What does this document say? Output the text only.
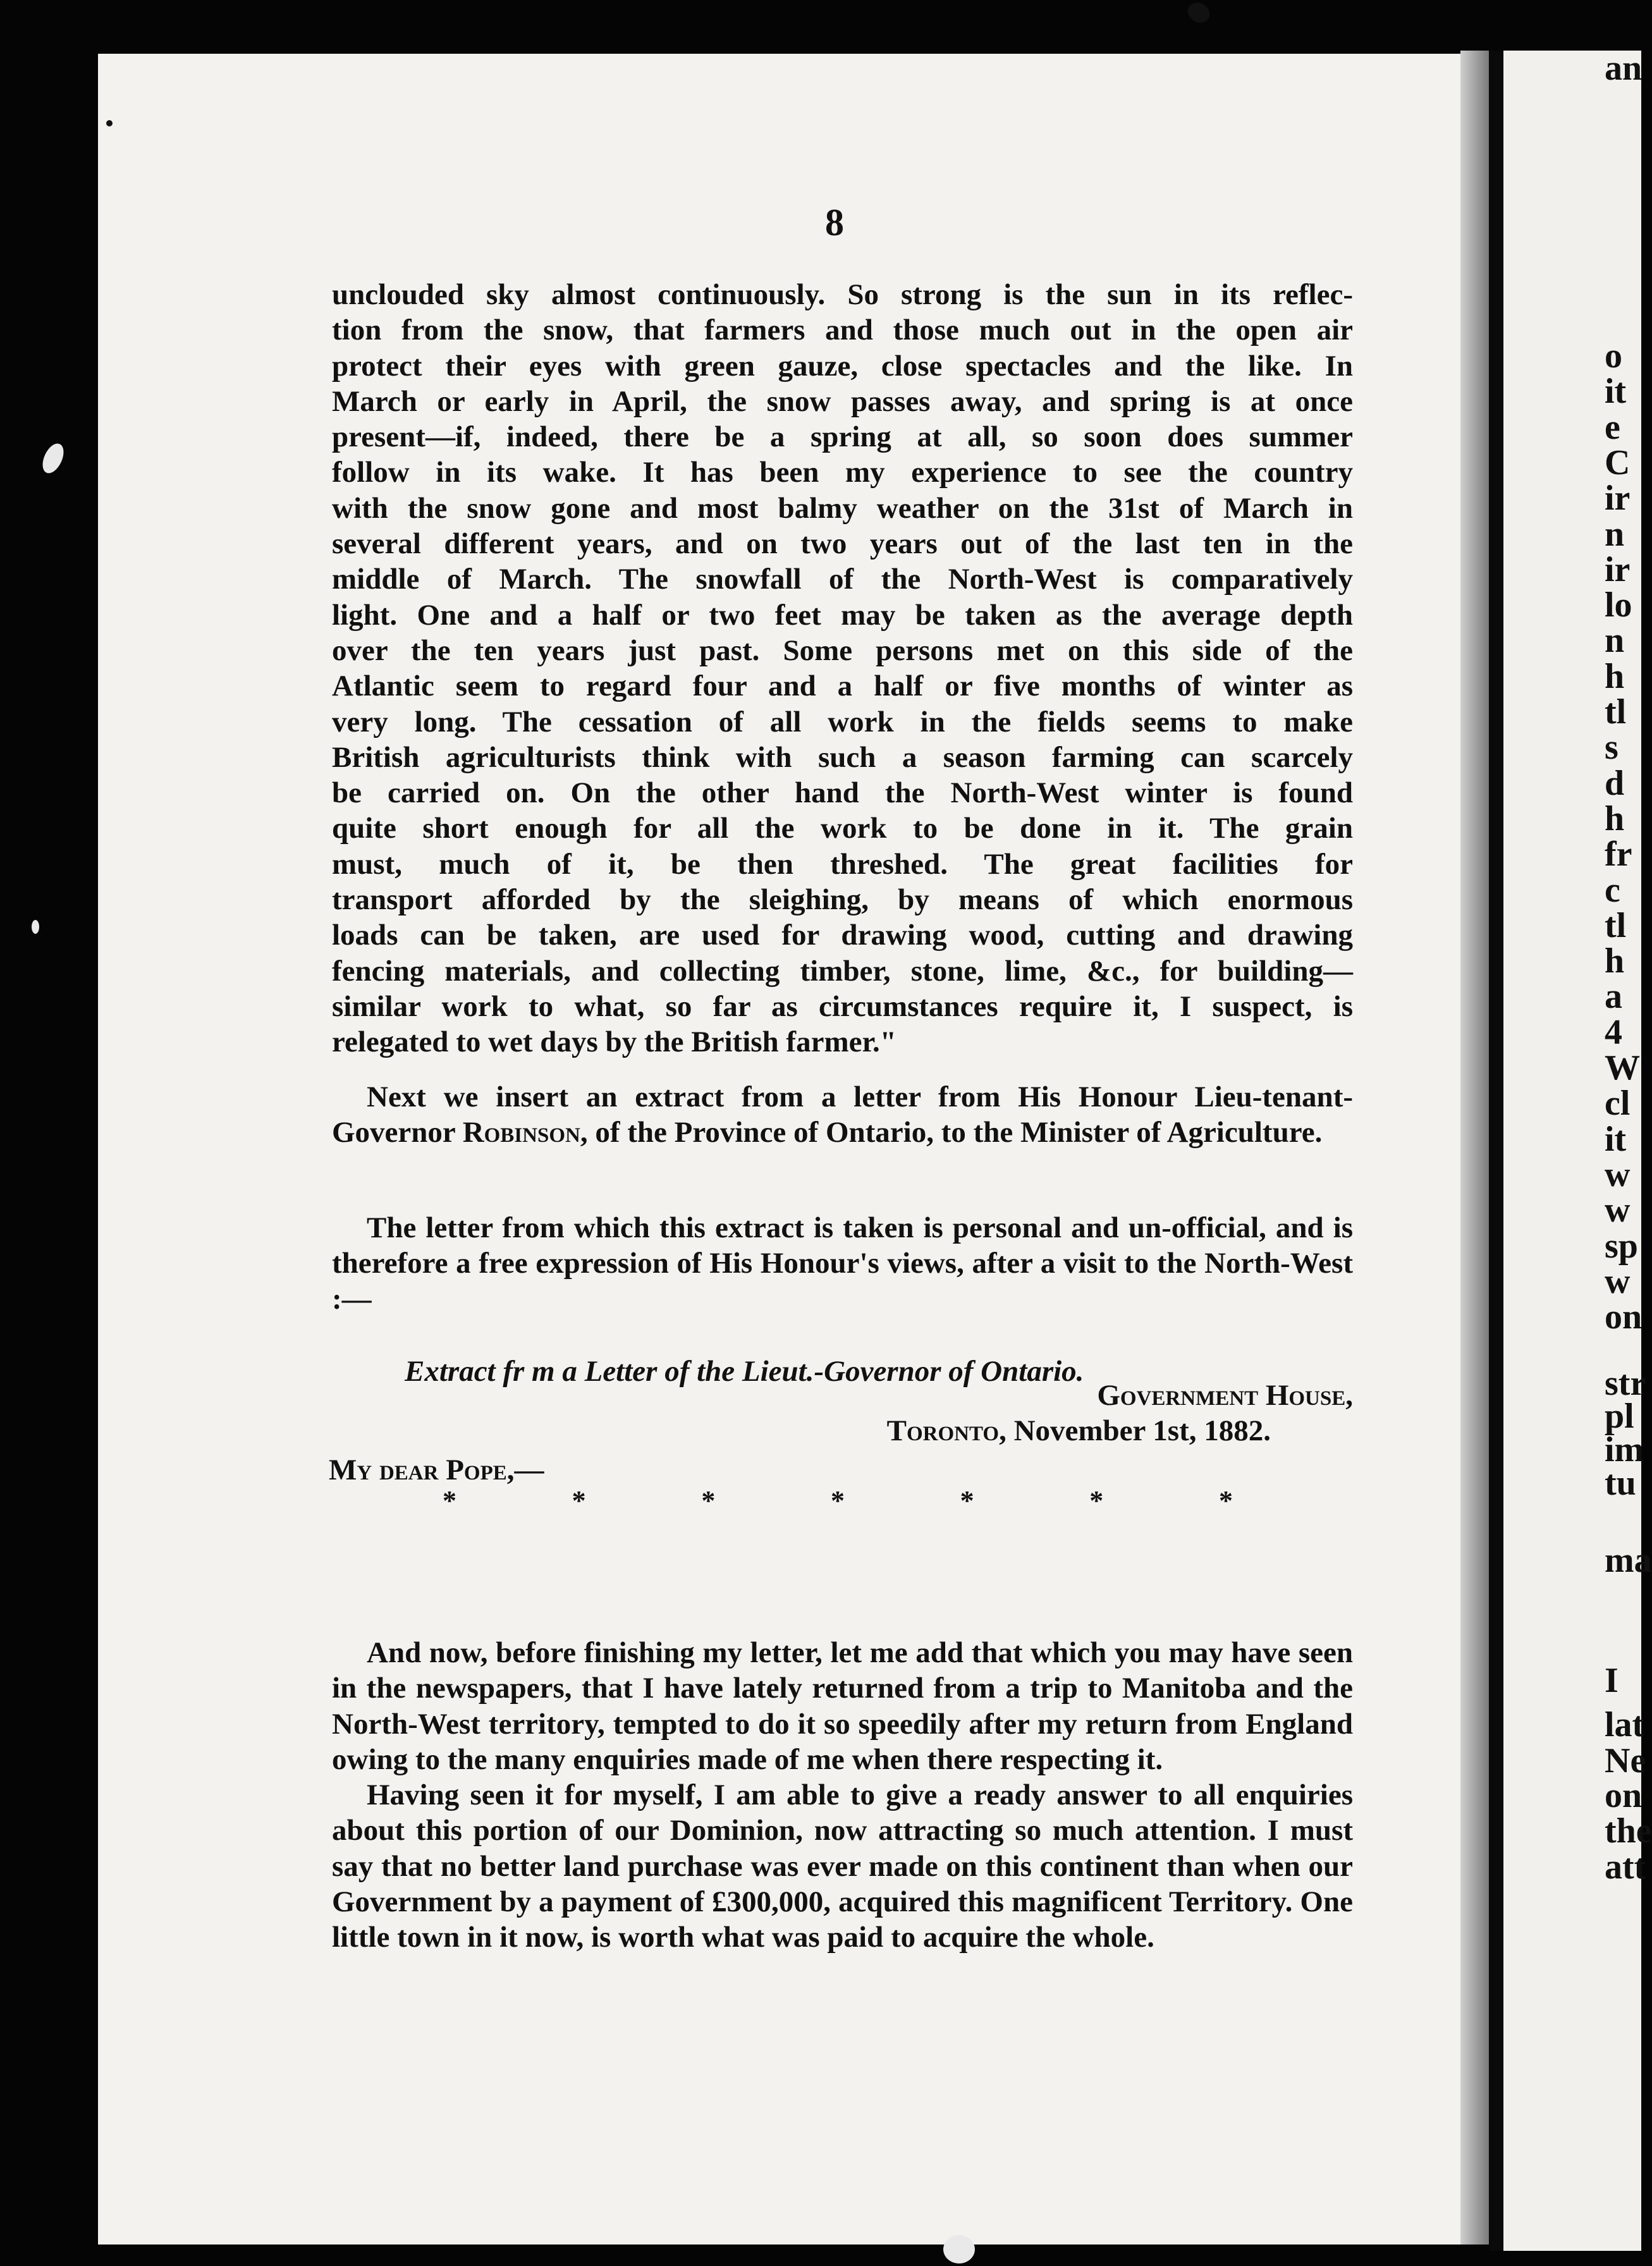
o
it
e
C
ir
n
ir
lo
n
h
tl
s
d
h
fr
c
tl
h
a
4
W
cl
it
w
w
sp
w
on
str
pl
im
tu
ma
I
lat
Ne
on
the
att
an
8
unclouded sky almost continuously. So strong is the sun in its reflec-
tion from the snow, that farmers and those much out in the open air
protect their eyes with green gauze, close spectacles and the like. In
March or early in April, the snow passes away, and spring is at once
present—if, indeed, there be a spring at all, so soon does summer
follow in its wake. It has been my experience to see the country
with the snow gone and most balmy weather on the 31st of March in
several different years, and on two years out of the last ten in the
middle of March. The snowfall of the North-West is comparatively
light. One and a half or two feet may be taken as the average depth
over the ten years just past. Some persons met on this side of the
Atlantic seem to regard four and a half or five months of winter as
very long. The cessation of all work in the fields seems to make
British agriculturists think with such a season farming can scarcely
be carried on. On the other hand the North-West winter is found
quite short enough for all the work to be done in it. The grain
must, much of it, be then threshed. The great facilities for
transport afforded by the sleighing, by means of which enormous
loads can be taken, are used for drawing wood, cutting and drawing
fencing materials, and collecting timber, stone, lime, &c., for building—
similar work to what, so far as circumstances require it, I suspect, is
relegated to wet days by the British farmer."

Next we insert an extract from a letter from His Honour Lieu-tenant-Governor Robinson, of the Province of Ontario, to the Minister of Agriculture.

The letter from which this extract is taken is personal and un-official, and is therefore a free expression of His Honour's views, after a visit to the North-West :—

Extract fr m a Letter of the Lieut.-Governor of Ontario.
Government House,
Toronto, November 1st, 1882.
My dear Pope,—
*	*	*	*	*	*	*

And now, before finishing my letter, let me add that which you may have seen in the newspapers, that I have lately returned from a trip to Manitoba and the North-West territory, tempted to do it so speedily after my return from England owing to the many enquiries made of me when there respecting it.

Having seen it for myself, I am able to give a ready answer to all enquiries about this portion of our Dominion, now attracting so much attention. I must say that no better land purchase was ever made on this continent than when our Government by a payment of £300,000, acquired this magnificent Territory. One little town in it now, is worth what was paid to acquire the whole.
